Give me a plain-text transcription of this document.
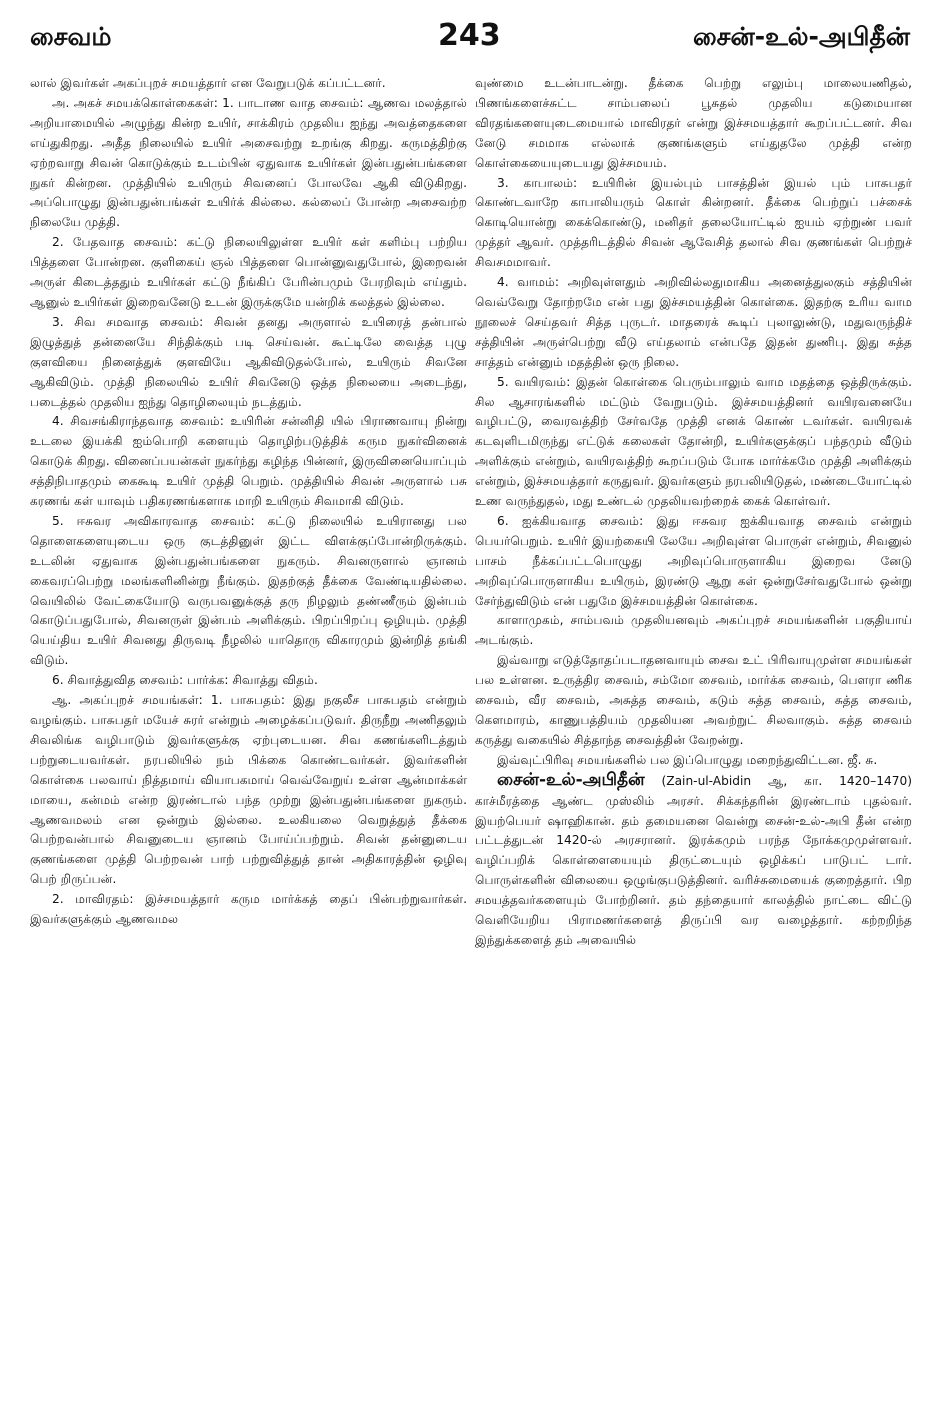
சைவம்	243	சைன்-உல்-அபிதீன்

லால் இவர்கள் அகப்புறச் சமயத்தார் என வேறுபடுக் கப்பட்டனர்.

அ. அகச் சமயக்கொள்கைகள்: 1. பாடாண வாத சைவம்: ஆணவ மலத்தால் அறியாமையில் அழுந்து கின்ற உயிர், சாக்கிரம் முதலிய ஐந்து அவத்தைகளை எய்துகிறது. அதீத நிலையில் உயிர் அசைவற்று உறங்கு கிறது. கருமத்திற்கு ஏற்றவாறு சிவன் கொடுக்கும் உடம்பின் ஏதுவாக உயிர்கள் இன்பதுன்பங்களை நுகர் கின்றன. முத்தியில் உயிரும் சிவனைப் போலவே ஆகி விடுகிறது. அப்பொழுது இன்பதுன்பங்கள் உயிர்க் கில்லை. கல்லைப் போன்ற அசைவற்ற நிலையே முத்தி.

2. பேதவாத சைவம்: கட்டு நிலையிலுள்ள உயிர் கள் களிம்பு பற்றிய பித்தளை போன்றன. குளிகைய் ஞல் பித்தளை பொன்னுவதுபோல், இறைவன் அருள் கிடைத்ததும் உயிர்கள் கட்டு நீங்கிப் பேரின்பமும் பேரறிவும் எய்தும். ஆனுல் உயிர்கள் இறைவனேடு உடன் இருக்குமே யன்றிக் கலத்தல் இல்லை.

3. சிவ சமவாத சைவம்: சிவன் தனது அருளால் உயிரைத் தன்பால் இழுத்துத் தன்னையே சிந்திக்கும் படி செய்வன். கூட்டிலே வைத்த புழு குளவியை நினைத்துக் குளவியே ஆகிவிடுதல்போல், உயிரும் சிவனே ஆகிவிடும். முத்தி நிலையில் உயிர் சிவனேடு ஒத்த நிலையை அடைந்து, படைத்தல் முதலிய ஐந்து தொழிலையும் நடத்தும்.

4. சிவசங்கிராந்தவாத சைவம்: உயிரின் சன்னிதி யில் பிராணவாயு நின்று உடலை இயக்கி ஐம்பொறி களையும் தொழிற்படுத்திக் கரும நுகர்வினைக் கொடுக் கிறது. வினைப்பயன்கள் நுகர்ந்து கழிந்த பின்னர், இருவினையொப்பும் சத்திநிபாதமும் கைகூடி உயிர் முத்தி பெறும். முத்தியில் சிவன் அருளால் பசு கரணங் கள் யாவும் பதிகரணங்களாக மாறி உயிரும் சிவமாகி விடும்.

5. ஈசுவர அவிகாரவாத சைவம்: கட்டு நிலையில் உயிரானது பல தொளைகளையுடைய ஒரு குடத்தினுள் இட்ட விளக்குப்போன்றிருக்கும். உடலின் ஏதுவாக இன்பதுன்பங்களை நுகரும். சிவனருளால் ஞானம் கைவரப்பெற்று மலங்களினின்று நீங்கும். இதற்குத் தீக்கை வேண்டியதில்லை. வெயிலில் வேட்கையோடு வருபவனுக்குத் தரு நிழலும் தண்ணீரும் இன்பம் கொடுப்பதுபோல், சிவனருள் இன்பம் அளிக்கும். பிறப்பிறப்பு ஒழியும். முத்தி யெய்திய உயிர் சிவனது திருவடி நீழலில் யாதொரு விகாரமும் இன்றித் தங்கி விடும்.

6. சிவாத்துவித சைவம்: பார்க்க: சிவாத்து விதம்.

ஆ. அகப்புறச் சமயங்கள்: 1. பாசுபதம்: இது நகுலீச பாசுபதம் என்றும் வழங்கும். பாசுபதர் மயேச் சுரர் என்றும் அழைக்கப்படுவர். திருநீறு அணிதலும் சிவலிங்க வழிபாடும் இவர்களுக்கு ஏற்புடையன. சிவ கணங்களிடத்தும் பற்றுடையவர்கள். நரபலியில் நம் பிக்கை கொண்டவர்கள். இவர்களின் கொள்கை பலவாய் நித்தமாய் வியாபகமாய் வெவ்வேறுய் உள்ள ஆன்மாக்கள் மாயை, கன்மம் என்ற இரண்டால் பந்த முற்று இன்பதுன்பங்களை நுகரும். ஆணவமலம் என ஒன்றும் இல்லை. உலகியலை வெறுத்துத் தீக்கை பெற்றவன்பால் சிவனுடைய ஞானம் போய்ப்பற்றும். சிவன் தன்னுடைய குணங்களை முத்தி பெற்றவன் பாற் பற்றுவித்துத் தான் அதிகாரத்தின் ஒழிவு பெற் றிருப்பன்.

2. மாவிரதம்: இச்சமயத்தார் கரும மார்க்கத் தைப் பின்பற்றுவார்கள். இவர்களுக்கும் ஆணவமல

வுண்மை உடன்பாடன்று. தீக்கை பெற்று எலும்பு மாலையணிதல், பிணங்களைச்சுட்ட சாம்பலைப் பூசுதல் முதலிய கடுமையான விரதங்களையுடைமையால் மாவிரதர் என்று இச்சமயத்தார் கூறப்பட்டனர். சிவ னேடு சமமாக எல்லாக் குணங்களும் எய்துதலே முத்தி என்ற கொள்கையையுடையது இச்சமயம்.

3. காபாலம்: உயிரின் இயல்பும் பாசத்தின் இயல் பும் பாசுபதர் கொண்டவாறே காபாலியரும் கொள் கின்றனர். தீக்கை பெற்றுப் பச்சைக் கொடியொன்று கைக்கொண்டு, மனிதர் தலையோட்டில் ஐயம் ஏற்றுண் பவர் முத்தர் ஆவர். முத்தரிடத்தில் சிவன் ஆவேசித் தலால் சிவ குணங்கள் பெற்றுச் சிவசமமாவர்.

4. வாமம்: அறிவுள்ளதும் அறிவில்லதுமாகிய அனைத்துலகும் சத்தியின் வெவ்வேறு தோற்றமே என் பது இச்சமயத்தின் கொள்கை. இதற்கு உரிய வாம நூலைச் செய்தவர் சித்த புருடர். மாதரைக் கூடிப் புலாலுண்டு, மதுவருந்திச் சத்தியின் அருள்பெற்று வீடு எய்தலாம் என்பதே இதன் துணிபு. இது சுத்த சாத்தம் என்னும் மதத்தின் ஒரு நிலை.

5. வயிரவம்: இதன் கொள்கை பெரும்பாலும் வாம மதத்தை ஒத்திருக்கும். சில ஆசாரங்களில் மட்டும் வேறுபடும். இச்சமயத்தினர் வயிரவனையே வழிபட்டு, வைரவத்திற் சேர்வதே முத்தி எனக் கொண் டவர்கள். வயிரவக் கடவுளிடமிருந்து எட்டுக் கலைகள் தோன்றி, உயிர்களுக்குப் பந்தமும் வீடும் அளிக்கும் என்றும், வயிரவத்திற் கூறப்படும் போக மார்க்கமே முத்தி அளிக்கும் என்றும், இச்சமயத்தார் கருதுவர். இவர்களும் நரபலியிடுதல், மண்டையோட்டில் உண வருந்துதல், மது உண்டல் முதலியவற்றைக் கைக் கொள்வர்.

6. ஐக்கியவாத சைவம்: இது ஈசுவர ஐக்கியவாத சைவம் என்றும் பெயர்பெறும். உயிர் இயற்கையி லேயே அறிவுள்ள பொருள் என்றும், சிவனுல் பாசம் நீக்கப்பட்டபொழுது அறிவுப்பொருளாகிய இறைவ னேடு அறிவுப்பொருளாகிய உயிரும், இரண்டு ஆறு கள் ஒன்றுசேர்வதுபோல் ஒன்று சேர்ந்துவிடும் என் பதுமே இச்சமயத்தின் கொள்கை.

காளாமுகம், சாம்பவம் முதலியனவும் அகப்புறச் சமயங்களின் பகுதியாய் அடங்கும்.

இவ்வாறு எடுத்தோதப்படாதனவாயும் சைவ உட் பிரிவாயுமுள்ள சமயங்கள் பல உள்ளன. உருத்திர சைவம், சம்மோ சைவம், மார்க்க சைவம், பௌரா ணிக சைவம், வீர சைவம், அசுத்த சைவம், கடும் சுத்த சைவம், சுத்த சைவம், கௌமாரம், காணுபத்தியம் முதலியன அவற்றுட் சிலவாகும். சுத்த சைவம் கருத்து வகையில் சித்தாந்த சைவத்தின் வேறன்று.

இவ்வுட்பிரிவு சமயங்களில் பல இப்பொழுது மறைந்துவிட்டன. ஜீ. சு.

சைன்-உல்-அபிதீன் (Zain-ul-Abidin ஆ, கா. 1420–1470) காச்மீரத்தை ஆண்ட முஸ்லிம் அரசர். சிக்கந்தரின் இரண்டாம் புதல்வர். இயற்பெயர் ஷாஹிகான். தம் தமையனை வென்று சைன்-உல்-அபி தீன் என்ற பட்டத்துடன் 1420-ல் அரசரானர். இரக்கமும் பரந்த நோக்கமுமுள்ளவர். வழிப்பறிக் கொள்ளையையும் திருட்டையும் ஒழிக்கப் பாடுபட் டார். பொருள்களின் விலையை ஒழுங்குபடுத்தினர். வரிச்சுமையைக் குறைத்தார். பிற சமயத்தவர்களையும் போற்றினர். தம் தந்தையார் காலத்தில் நாட்டை விட்டு வெளியேறிய பிராமணர்களைத் திருப்பி வர வழைத்தார். கற்றறிந்த இந்துக்களைத் தம் அவையில்
